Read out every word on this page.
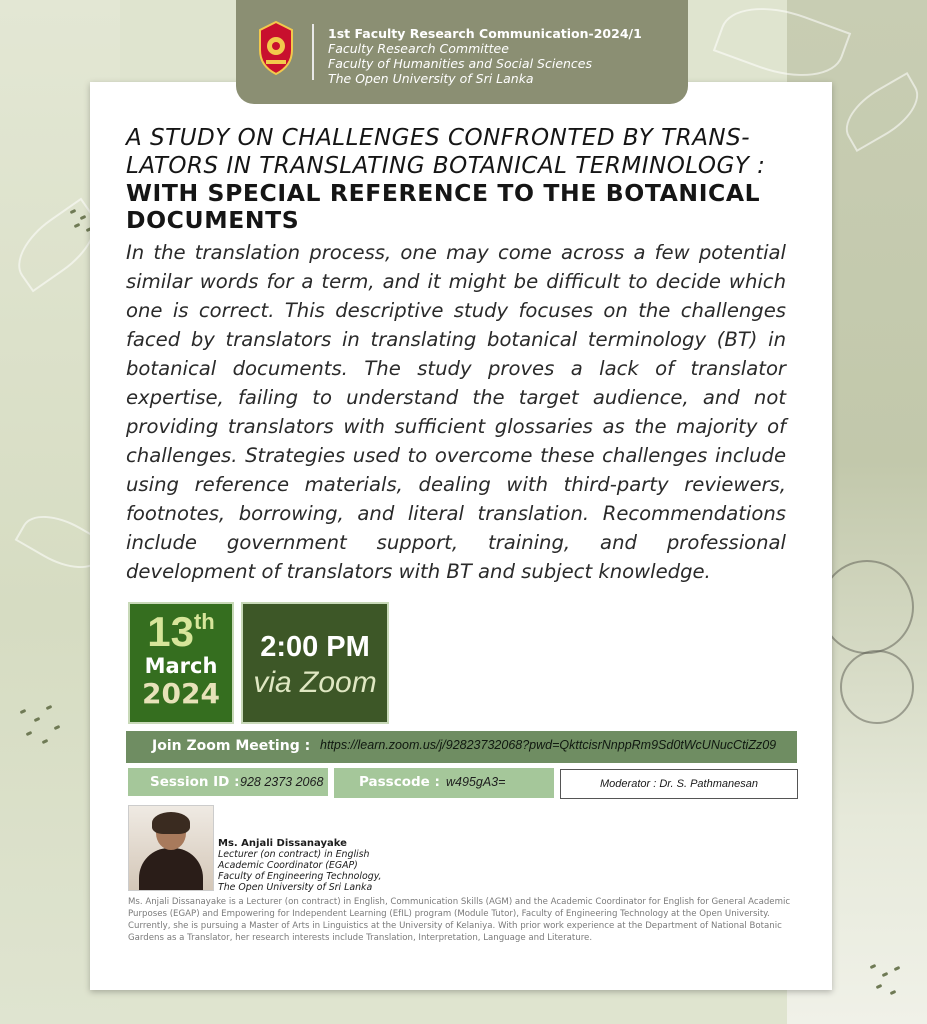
1st Faculty Research Communication-2024/1
Faculty Research Committee
Faculty of Humanities and Social Sciences
The Open University of Sri Lanka
A STUDY ON CHALLENGES CONFRONTED BY TRANS-
LATORS IN TRANSLATING BOTANICAL TERMINOLOGY :
WITH SPECIAL REFERENCE TO THE BOTANICAL
DOCUMENTS
In the translation process, one may come across a few potential similar words for a term, and it might be difficult to decide which one is correct. This descriptive study focuses on the challenges faced by translators in translating botanical terminology (BT) in botanical documents. The study proves a lack of translator expertise, failing to understand the target audience, and not providing translators with sufficient glossaries as the majority of challenges. Strategies used to overcome these challenges include using reference materials, dealing with third-party reviewers, footnotes, borrowing, and literal translation. Recommendations include government support, training, and professional development of translators with BT and subject knowledge.
13th
March
2024
2:00 PM
via Zoom
Join Zoom Meeting : https://learn.zoom.us/j/92823732068?pwd=QkttcisrNnppRm9Sd0tWcUNucCtiZz09
Session ID : 928 2373 2068	Passcode : w495gA3=	Moderator : Dr. S. Pathmanesan
Ms. Anjali Dissanayake
Lecturer (on contract) in English
Academic Coordinator (EGAP)
Faculty of Engineering Technology,
The Open University of Sri Lanka
Ms. Anjali Dissanayake is a Lecturer (on contract) in English, Communication Skills (AGM) and the Academic Coordinator for English for General Academic Purposes (EGAP) and Empowering for Independent Learning (EfIL) program (Module Tutor), Faculty of Engineering Technology at the Open University. Currently, she is pursuing a Master of Arts in Linguistics at the University of Kelaniya. With prior work experience at the Department of National Botanic Gardens as a Translator, her research interests include Translation, Interpretation, Language and Literature.
